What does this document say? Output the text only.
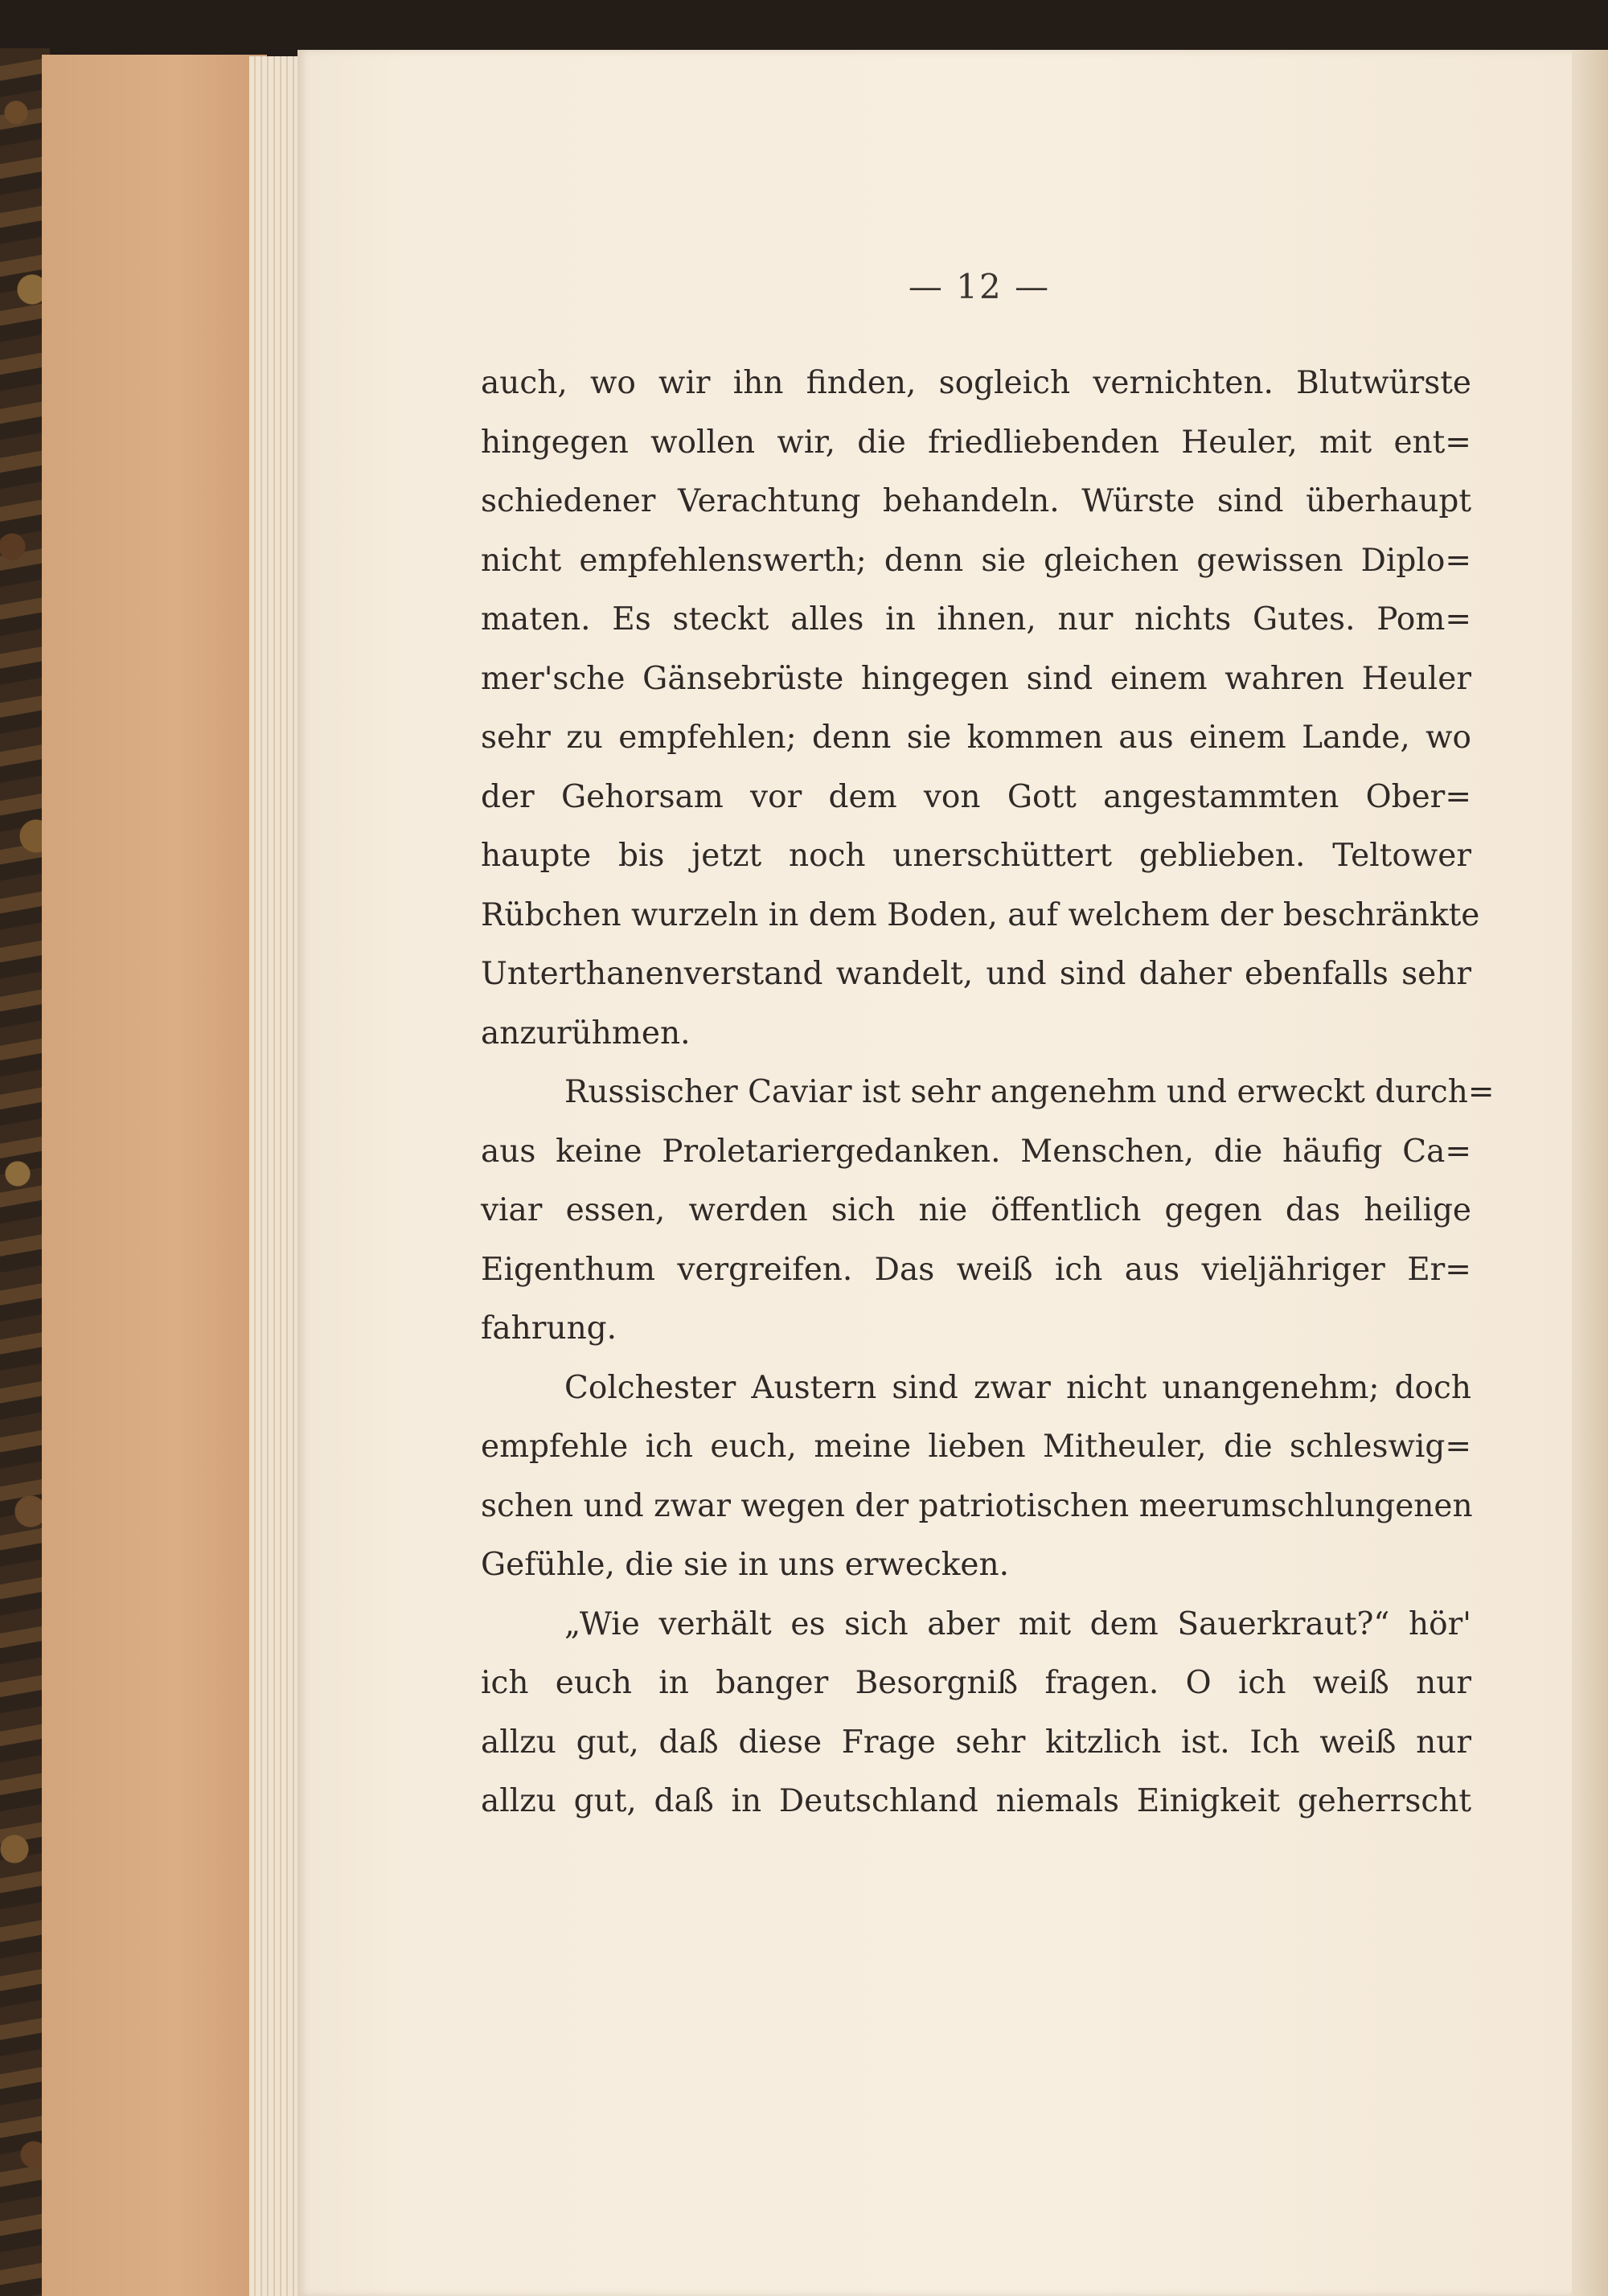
— 12 —

auch, wo wir ihn finden, sogleich vernichten. Blutwürste
hingegen wollen wir, die friedliebenden Heuler, mit ent=
schiedener Verachtung behandeln. Würste sind überhaupt
nicht empfehlenswerth; denn sie gleichen gewissen Diplo=
maten. Es steckt alles in ihnen, nur nichts Gutes. Pom=
mer'sche Gänsebrüste hingegen sind einem wahren Heuler
sehr zu empfehlen; denn sie kommen aus einem Lande, wo
der Gehorsam vor dem von Gott angestammten Ober=
haupte bis jetzt noch unerschüttert geblieben. Teltower
Rübchen wurzeln in dem Boden, auf welchem der beschränkte
Unterthanenverstand wandelt, und sind daher ebenfalls sehr
anzurühmen.

Russischer Caviar ist sehr angenehm und erweckt durch=
aus keine Proletariergedanken. Menschen, die häufig Ca=
viar essen, werden sich nie öffentlich gegen das heilige
Eigenthum vergreifen. Das weiß ich aus vieljähriger Er=
fahrung.

Colchester Austern sind zwar nicht unangenehm; doch
empfehle ich euch, meine lieben Mitheuler, die schleswig=
schen und zwar wegen der patriotischen meerumschlungenen
Gefühle, die sie in uns erwecken.

„Wie verhält es sich aber mit dem Sauerkraut?“ hör'
ich euch in banger Besorgniß fragen. O ich weiß nur
allzu gut, daß diese Frage sehr kitzlich ist. Ich weiß nur
allzu gut, daß in Deutschland niemals Einigkeit geherrscht
